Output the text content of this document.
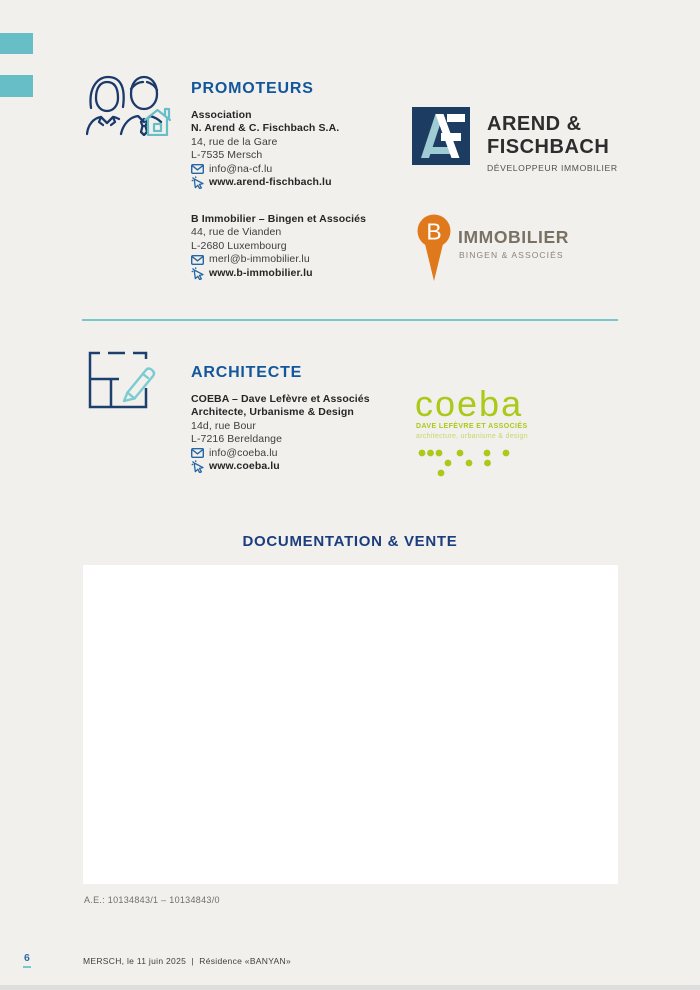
PROMOTEURS
Association
N. Arend & C. Fischbach S.A.
14, rue de la Gare
L-7535 Mersch
info@na-cf.lu
www.arend-fischbach.lu
AREND &
FISCHBACH
DÉVELOPPEUR IMMOBILIER
B Immobilier – Bingen et Associés
44, rue de Vianden
L-2680 Luxembourg
merl@b-immobilier.lu
www.b-immobilier.lu
B IMMOBILIER
BINGEN & ASSOCIÉS
ARCHITECTE
COEBA – Dave Lefèvre et Associés
Architecte, Urbanisme & Design
14d, rue Bour
L-7216 Bereldange
info@coeba.lu
www.coeba.lu
coeba
DAVE LEFÈVRE ET ASSOCIÉS
architecture, urbanisme & design
DOCUMENTATION & VENTE
A.E.: 10134843/1 – 10134843/0
6	MERSCH, le 11 juin 2025  |  Résidence «BANYAN»
